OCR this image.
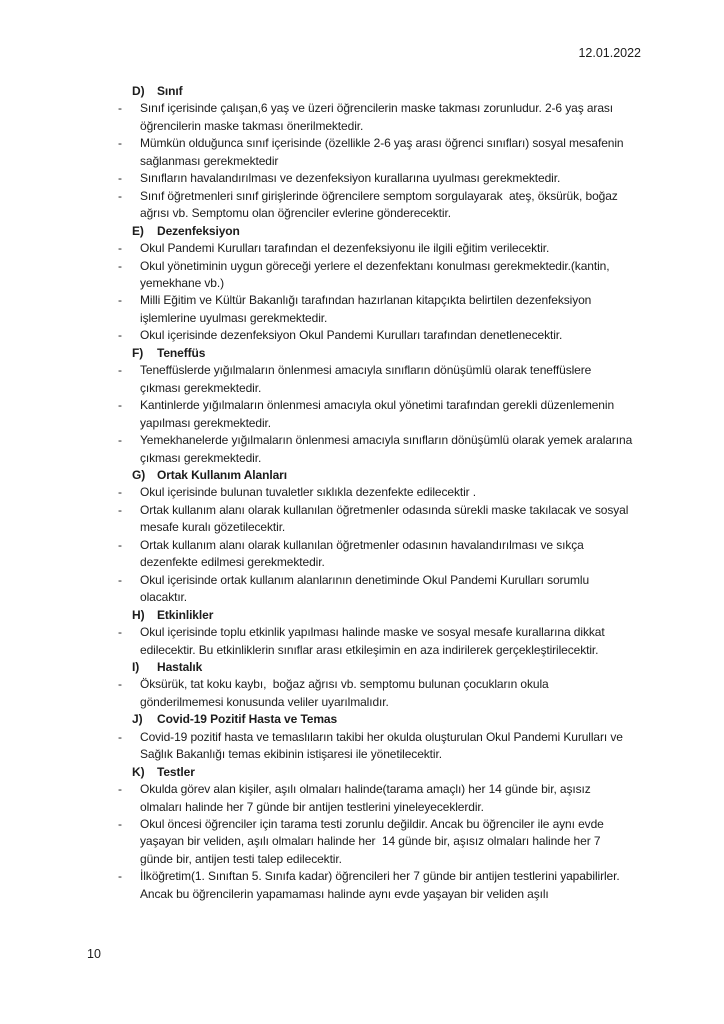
12.01.2022
D) Sınıf
-	Sınıf içerisinde çalışan,6 yaş ve üzeri öğrencilerin maske takması zorunludur. 2-6 yaş arası öğrencilerin maske takması önerilmektedir.
-	Mümkün olduğunca sınıf içerisinde (özellikle 2-6 yaş arası öğrenci sınıfları) sosyal mesafenin sağlanması gerekmektedir
-	Sınıfların havalandırılması ve dezenfeksiyon kurallarına uyulması gerekmektedir.
-	Sınıf öğretmenleri sınıf girişlerinde öğrencilere semptom sorgulayarak  ateş, öksürük, boğaz ağrısı vb. Semptomu olan öğrenciler evlerine gönderecektir.
E) Dezenfeksiyon
-	Okul Pandemi Kurulları tarafından el dezenfeksiyonu ile ilgili eğitim verilecektir.
-	Okul yönetiminin uygun göreceği yerlere el dezenfektanı konulması gerekmektedir.(kantin, yemekhane vb.)
-	Milli Eğitim ve Kültür Bakanlığı tarafından hazırlanan kitapçıkta belirtilen dezenfeksiyon işlemlerine uyulması gerekmektedir.
-	Okul içerisinde dezenfeksiyon Okul Pandemi Kurulları tarafından denetlenecektir.
F) Teneffüs
-	Teneffüslerde yığılmaların önlenmesi amacıyla sınıfların dönüşümlü olarak teneffüslere çıkması gerekmektedir.
-	Kantinlerde yığılmaların önlenmesi amacıyla okul yönetimi tarafından gerekli düzenlemenin yapılması gerekmektedir.
-	Yemekhanelerde yığılmaların önlenmesi amacıyla sınıfların dönüşümlü olarak yemek aralarına çıkması gerekmektedir.
G) Ortak Kullanım Alanları
-	Okul içerisinde bulunan tuvaletler sıklıkla dezenfekte edilecektir .
-	Ortak kullanım alanı olarak kullanılan öğretmenler odasında sürekli maske takılacak ve sosyal mesafe kuralı gözetilecektir.
-	Ortak kullanım alanı olarak kullanılan öğretmenler odasının havalandırılması ve sıkça dezenfekte edilmesi gerekmektedir.
-	Okul içerisinde ortak kullanım alanlarının denetiminde Okul Pandemi Kurulları sorumlu olacaktır.
H) Etkinlikler
-	Okul içerisinde toplu etkinlik yapılması halinde maske ve sosyal mesafe kurallarına dikkat edilecektir. Bu etkinliklerin sınıflar arası etkileşimin en aza indirilerek gerçekleştirilecektir.
I) Hastalık
-	Öksürük, tat koku kaybı,  boğaz ağrısı vb. semptomu bulunan çocukların okula gönderilmemesi konusunda veliler uyarılmalıdır.
J) Covid-19 Pozitif Hasta ve Temas
-	Covid-19 pozitif hasta ve temaslıların takibi her okulda oluşturulan Okul Pandemi Kurulları ve Sağlık Bakanlığı temas ekibinin istişaresi ile yönetilecektir.
K) Testler
-	Okulda görev alan kişiler, aşılı olmaları halinde(tarama amaçlı) her 14 günde bir, aşısız olmaları halinde her 7 günde bir antijen testlerini yineleyeceklerdir.
-	Okul öncesi öğrenciler için tarama testi zorunlu değildir. Ancak bu öğrenciler ile aynı evde yaşayan bir veliden, aşılı olmaları halinde her  14 günde bir, aşısız olmaları halinde her 7 günde bir, antijen testi talep edilecektir.
-	İlköğretim(1. Sınıftan 5. Sınıfa kadar) öğrencileri her 7 günde bir antijen testlerini yapabilirler. Ancak bu öğrencilerin yapamaması halinde aynı evde yaşayan bir veliden aşılı
10
